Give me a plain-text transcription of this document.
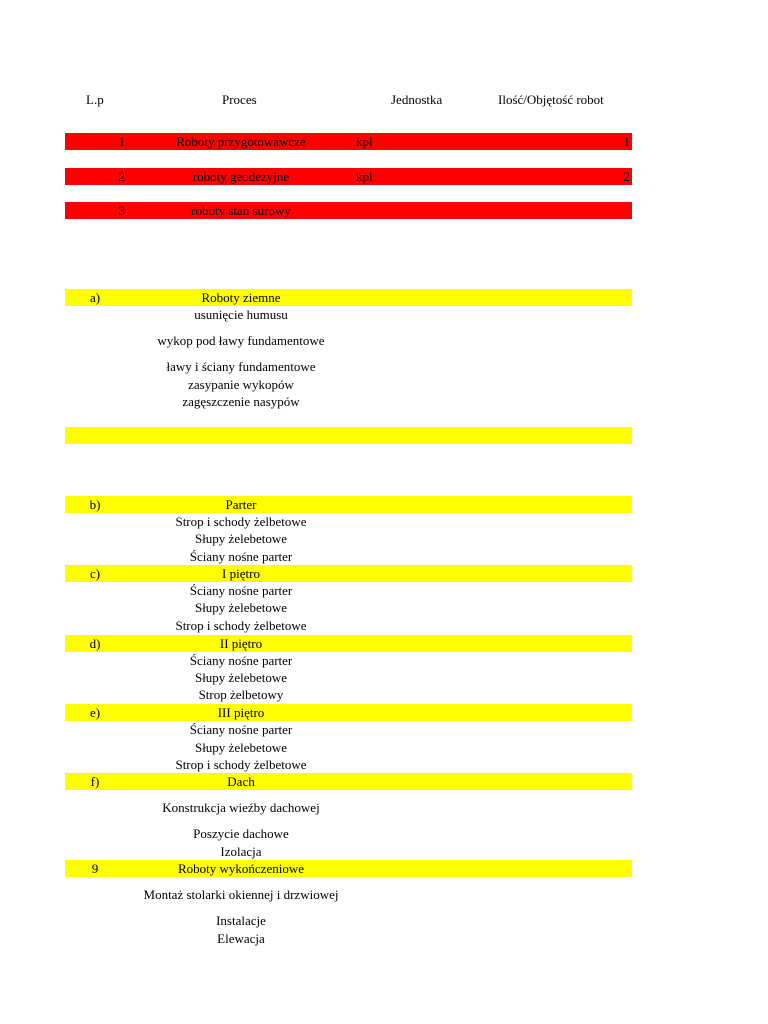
L.p	Proces	Jednostka	Ilość/Objętość robot
1	Roboty przygotowawcze	kpl	1
2	roboty geodezyjne	kpl	2
3	roboty stan surowy
a)	Roboty ziemne
usunięcie humusu
wykop pod ławy fundamentowe
ławy i ściany fundamentowe
zasypanie wykopów
zagęszczenie nasypów
b)	Parter
Strop i schody żelbetowe
Słupy żelebetowe
Ściany nośne parter
c)	I piętro
Ściany nośne parter
Słupy żelebetowe
Strop i schody żelbetowe
d)	II piętro
Ściany nośne parter
Słupy żelebetowe
Strop żelbetowy
e)	III piętro
Ściany nośne parter
Słupy żelebetowe
Strop i schody żelbetowe
f)	Dach
Konstrukcja wieźby dachowej
Poszycie dachowe
Izolacja
9	Roboty wykończeniowe
Montaż stolarki okiennej i drzwiowej
Instalacje
Elewacja
